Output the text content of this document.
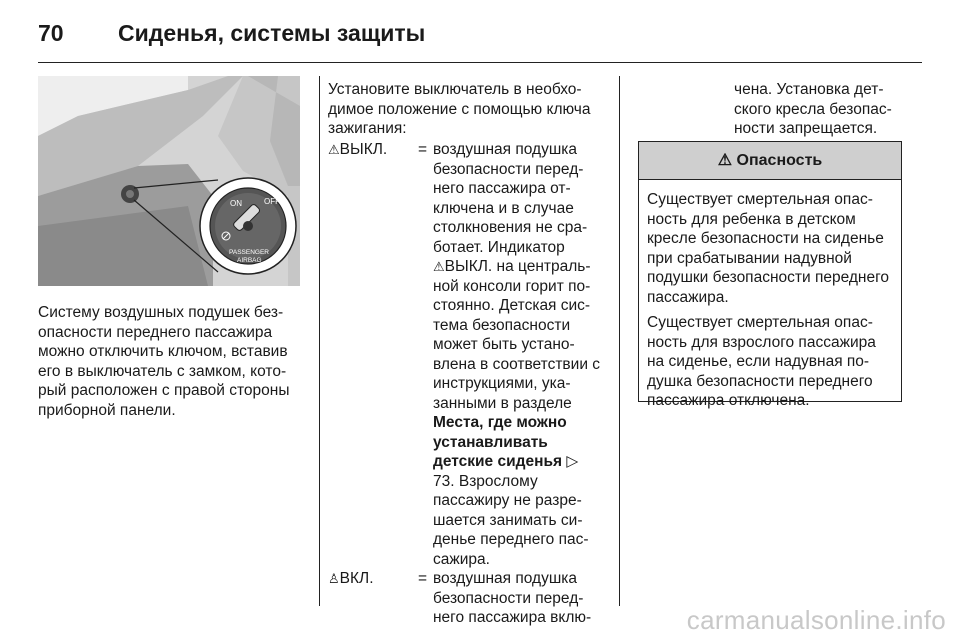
70 Сиденья, системы защиты
ON	OFF
PASSENGER
AIRBAG

Систему воздушных подушек безопасности переднего пассажира можно отключить ключом, вставив его в выключатель с замком, который расположен с правой стороны приборной панели.

Установите выключатель в необходимое положение с помощью ключа зажигания:

⚠︎ВЫКЛ.	= воздушная подушка безопасности переднего пассажира отключена и в случае столкновения не сработает. Индикатор ⚠︎ВЫКЛ. на центральной консоли горит постоянно. Детская система безопасности может быть установлена в соответствии с инструкциями, указанными в разделе Места, где можно устанавливать детские сиденья ▷ 73. Взрослому пассажиру не разрешается занимать сиденье переднего пассажира.
♙ВКЛ.	= воздушная подушка безопасности переднего пассажира вклю-

чена. Установка детского кресла безопасности запрещается.

⚠ Опасность

Существует смертельная опасность для ребенка в детском кресле безопасности на сиденье при срабатывании надувной подушки безопасности переднего пассажира.

Существует смертельная опасность для взрослого пассажира на сиденье, если надувная подушка безопасности переднего пассажира отключена.

carmanualsonline.info
